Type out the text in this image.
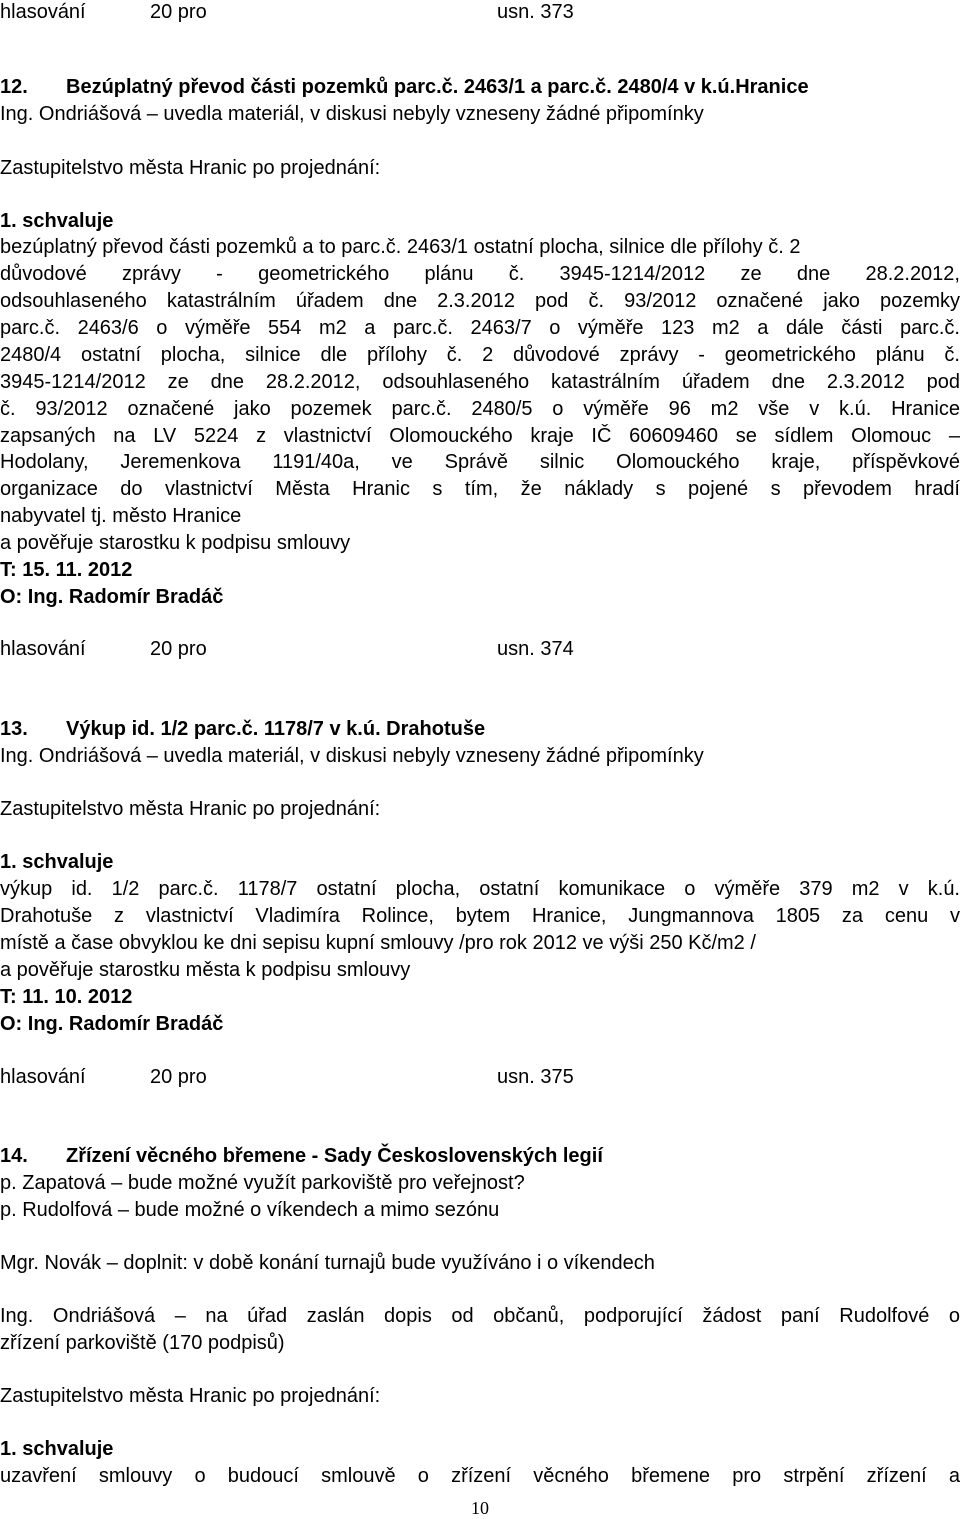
hlasování	20 pro	usn. 373
12. Bezúplatný převod části pozemků parc.č. 2463/1 a parc.č. 2480/4 v k.ú.Hranice
Ing. Ondriášová – uvedla materiál, v diskusi nebyly vzneseny žádné připomínky
Zastupitelstvo města Hranic po projednání:
1. schvaluje
bezúplatný převod části pozemků a to parc.č. 2463/1 ostatní plocha, silnice dle přílohy č. 2
důvodové zprávy - geometrického plánu č. 3945-1214/2012 ze dne 28.2.2012,
odsouhlaseného katastrálním úřadem dne 2.3.2012 pod č. 93/2012 označené jako pozemky
parc.č. 2463/6 o výměře 554 m2 a parc.č. 2463/7 o výměře 123 m2 a dále části parc.č.
2480/4 ostatní plocha, silnice dle přílohy č. 2 důvodové zprávy - geometrického plánu č.
3945-1214/2012 ze dne 28.2.2012, odsouhlaseného katastrálním úřadem dne 2.3.2012 pod
č. 93/2012 označené jako pozemek parc.č. 2480/5 o výměře 96 m2 vše v k.ú. Hranice
zapsaných na LV 5224 z vlastnictví Olomouckého kraje IČ 60609460 se sídlem Olomouc –
Hodolany, Jeremenkova 1191/40a, ve Správě silnic Olomouckého kraje, příspěvkové
organizace do vlastnictví Města Hranic s tím, že náklady s pojené s převodem hradí
nabyvatel tj. město Hranice
a pověřuje starostku k podpisu smlouvy
T: 15. 11. 2012
O: Ing. Radomír Bradáč
hlasování	20 pro	usn. 374
13. Výkup id. 1/2 parc.č. 1178/7 v k.ú. Drahotuše
Ing. Ondriášová – uvedla materiál, v diskusi nebyly vzneseny žádné připomínky
Zastupitelstvo města Hranic po projednání:
1. schvaluje
výkup id. 1/2 parc.č. 1178/7 ostatní plocha, ostatní komunikace o výměře 379 m2 v k.ú.
Drahotuše z vlastnictví Vladimíra Rolince, bytem Hranice, Jungmannova 1805 za cenu v
místě a čase obvyklou ke dni sepisu kupní smlouvy /pro rok 2012 ve výši 250 Kč/m2 /
a pověřuje starostku města k podpisu smlouvy
T: 11. 10. 2012
O: Ing. Radomír Bradáč
hlasování	20 pro	usn. 375
14. Zřízení věcného břemene - Sady Československých legií
p. Zapatová – bude možné využít parkoviště pro veřejnost?
p. Rudolfová – bude možné o víkendech a mimo sezónu
Mgr. Novák – doplnit: v době konání turnajů bude využíváno i o víkendech
Ing. Ondriášová – na úřad zaslán dopis od občanů, podporující žádost paní Rudolfové o
zřízení parkoviště (170 podpisů)
Zastupitelstvo města Hranic po projednání:
1. schvaluje
uzavření smlouvy o budoucí smlouvě o zřízení věcného břemene pro strpění zřízení a
10
